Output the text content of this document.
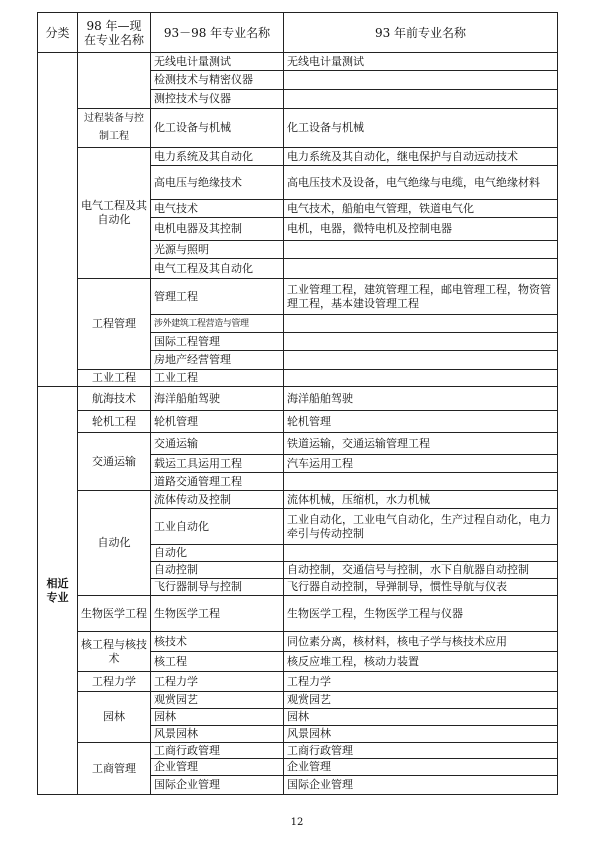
分类	98 年—现在专业名称	93－98 年专业名称	93 年前专业名称
		无线电计量测试	无线电计量测试
		检测技术与精密仪器	
		测控技术与仪器	
	过程装备与控制工程	化工设备与机械	化工设备与机械
	电气工程及其自动化	电力系统及其自动化	电力系统及其自动化，继电保护与自动远动技术
		高电压与绝缘技术	高电压技术及设备，电气绝缘与电缆，电气绝缘材料
		电气技术	电气技术，船舶电气管理，铁道电气化
		电机电器及其控制	电机，电器，微特电机及控制电器
		光源与照明	
		电气工程及其自动化	
	工程管理	管理工程	工业管理工程，建筑管理工程，邮电管理工程，物资管理工程，基本建设管理工程
		涉外建筑工程营造与管理	
		国际工程管理	
		房地产经营管理	
	工业工程	工业工程	

相近专业	航海技术	海洋船舶驾驶	海洋船舶驾驶
	轮机工程	轮机管理	轮机管理
	交通运输	交通运输	铁道运输，交通运输管理工程
		载运工具运用工程	汽车运用工程
		道路交通管理工程	
	自动化	流体传动及控制	流体机械，压缩机，水力机械
		工业自动化	工业自动化，工业电气自动化，生产过程自动化，电力牵引与传动控制
		自动化	
		自动控制	自动控制，交通信号与控制，水下自航器自动控制
		飞行器制导与控制	飞行器自动控制，导弹制导，惯性导航与仪表
	生物医学工程	生物医学工程	生物医学工程，生物医学工程与仪器
	核工程与核技术	核技术	同位素分离，核材料，核电子学与核技术应用
		核工程	核反应堆工程，核动力装置
	工程力学	工程力学	工程力学
	园林	观赏园艺	观赏园艺
		园林	园林
		风景园林	风景园林
	工商管理	工商行政管理	工商行政管理
		企业管理	企业管理
		国际企业管理	国际企业管理
12
